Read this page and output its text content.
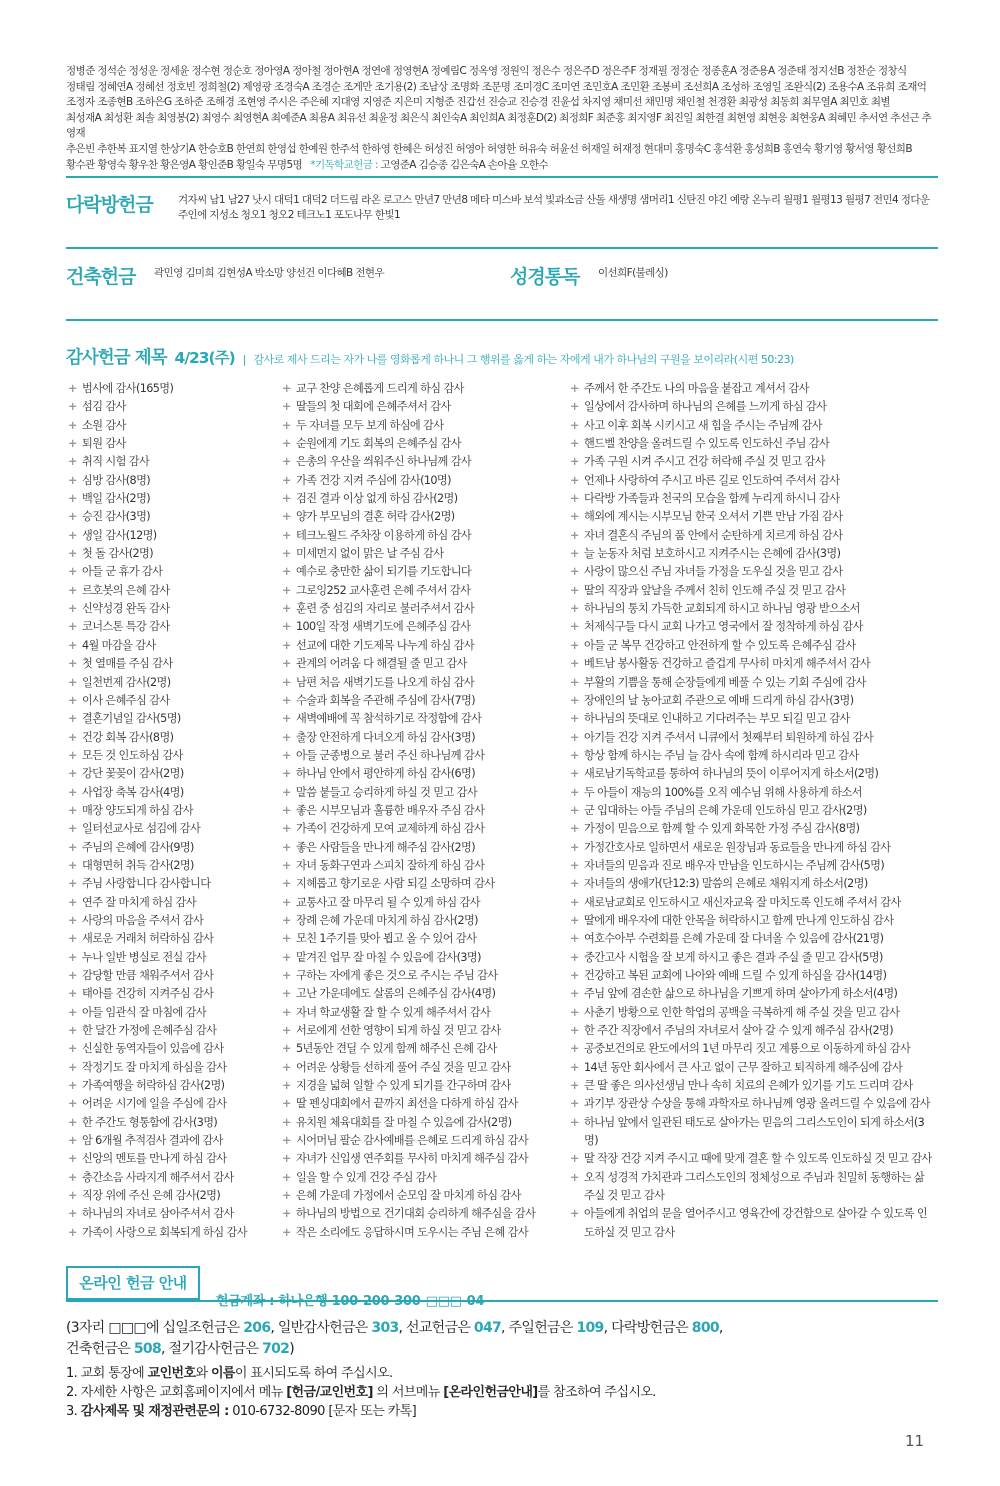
정병준 정석순 정성운 정세윤 정수현 정순호 정아영A 정아철 정아현A 정연애 정영현A 정예림C 정옥영 정원익 정은수 정은주D 정은주F 정재필 정정순 정종훈A 정준용A 정준태 정지선B 정찬순 정창식
정태림 정혜연A 정혜선 정호빈 정희철(2) 제영광 조경숙A 조경순 조게만 조기용(2) 조남상 조명화 조문명 조미경C 조미연 조민호A 조민환 조봉비 조선희A 조성하 조영일 조완식(2) 조용수A 조유희 조재억
조정자 조종현B 조하은G 조하준 조해경 조현영 주시은 주은혜 지대영 지영준 지은미 지형준 진갑선 진승교 진승경 진윤섭 차지영 채미선 채민명 채인철 천경환 최광성 최동희 최무열A 최민호 최별
최성재A 최성환 최솔 최영봉(2) 최영수 최영현A 최예준A 최용A 최유선 최윤정 최은식 최인숙A 최인희A 최정훈D(2) 최정희F 최준홍 최지영F 최진일 최한결 최현영 최현응 최현웅A 최혜민 추서연 추선근 추영재
추은빈 추한복 표지열 한상기A 한승호B 한연희 한영섭 한예원 한주석 한하영 한혜은 허성진 허영아 허영한 허유숙 허윤선 허재일 허재정 현대미 홍명숙C 홍석환 홍성희B 홍연숙 황기영 황서영 황선희B
황수관 황영숙 황우찬 황은영A 황인준B 황일숙 무명5명 *기독학교헌금 : 고영준A 김승종 김은숙A 손아율 오한수
다락방헌금 겨자씨 남1 남27 낫시 대덕1 대덕2 더드림 라온 로고스 만년7 만년8 메타 미스바 보석 빛과소금 산돌 새생명 샘머리1 신탄진 야긴 예랑 온누리 월평1 월평13 월평7 전민4 정다운 주인에 지성소 청오1 청오2 테크노1 포도나무 한빛1
건축헌금 곽민영 김미희 김현성A 박소망 양선건 이다혜B 전현우	성경통독 이선희F(불레싱)
감사헌금 제목 4/23(주) | 감사로 제사 드리는 자가 나를 영화롭게 하나니 그 행위를 옳게 하는 자에게 내가 하나님의 구원을 보이리라(시편 50:23)
+ 범사에 감사(165명)
+ 섬김 감사
+ 소원 감사
+ 퇴원 감사
+ 취직 시험 감사
+ 심방 감사(8명)
+ 백일 감사(2명)
+ 승진 감사(3명)
+ 생일 감사(12명)
+ 첫 돌 감사(2명)
+ 아들 군 휴가 감사
+ 르호봇의 은혜 감사
+ 신약성경 완독 감사
+ 코너스톤 특강 감사
+ 4월 마감을 감사
+ 첫 열매를 주심 감사
+ 일천번제 감사(2명)
+ 이사 은혜주심 감사
+ 결혼기념일 감사(5명)
+ 건강 회복 감사(8명)
+ 모든 것 인도하심 감사
+ 강단 꽃꽂이 감사(2명)
+ 사업장 축복 감사(4명)
+ 매장 양도되게 하심 감사
+ 일터선교사로 섬김에 감사
+ 주님의 은혜에 감사(9명)
+ 대형면허 취득 감사(2명)
+ 주님 사랑합니다 감사합니다
+ 연주 잘 마치게 하심 감사
+ 사랑의 마음을 주셔서 감사
+ 새로운 거래처 허락하심 감사
+ 누나 일반 병실로 전실 감사
+ 감당할 만큼 채워주셔서 감사
+ 태아를 건강히 지켜주심 감사
+ 아들 임관식 잘 마침에 감사
+ 한 달간 가정에 은혜주심 감사
+ 신실한 동역자들이 있음에 감사
+ 작정기도 잘 마치게 하심을 감사
+ 가족여행을 허락하심 감사(2명)
+ 어려운 시기에 일을 주심에 감사
+ 한 주간도 형통함에 감사(3명)
+ 암 6개월 추적검사 결과에 감사
+ 신앙의 멘토를 만나게 하심 감사
+ 층간소음 사라지게 해주셔서 감사
+ 직장 위에 주신 은혜 감사(2명)
+ 하나님의 자녀로 삼아주셔서 감사
+ 가족이 사랑으로 회복되게 하심 감사
+ 교구 찬양 은혜롭게 드리게 하심 감사
+ 딸들의 첫 대회에 은혜주셔서 감사
+ 두 자녀를 모두 보게 하심에 감사
+ 순원에게 기도 회복의 은혜주심 감사
+ 은총의 우산을 씌워주신 하나님께 감사
+ 가족 건강 지켜 주심에 감사(10명)
+ 검진 결과 이상 없게 하심 감사(2명)
+ 양가 부모님의 결혼 허락 감사(2명)
+ 테크노월드 주차장 이용하게 하심 감사
+ 미세먼지 없이 맑은 날 주심 감사
+ 예수로 충만한 삶이 되기를 기도합니다
+ 그로잉252 교사훈련 은혜 주셔서 감사
+ 훈련 중 섬김의 자리로 불러주셔서 감사
+ 100일 작정 새벽기도에 은혜주심 감사
+ 선교에 대한 기도제목 나누게 하심 감사
+ 관계의 어려움 다 해결될 줄 믿고 감사
+ 남편 처음 새벽기도를 나오게 하심 감사
+ 수술과 회복을 주관해 주심에 감사(7명)
+ 새벽예배에 꼭 참석하기로 작정함에 감사
+ 출장 안전하게 다녀오게 하심 감사(3명)
+ 아들 군종병으로 불러 주신 하나님께 감사
+ 하나님 안에서 평안하게 하심 감사(6명)
+ 말씀 붙들고 승리하게 하실 것 믿고 감사
+ 좋은 시부모님과 훌륭한 배우자 주심 감사
+ 가족이 건강하게 모여 교제하게 하심 감사
+ 좋은 사람들을 만나게 해주심 감사(2명)
+ 자녀 동화구연과 스피치 잘하게 하심 감사
+ 지혜롭고 향기로운 사람 되길 소망하며 감사
+ 교통사고 잘 마무리 될 수 있게 하심 감사
+ 장례 은혜 가운데 마치게 하심 감사(2명)
+ 모친 1주기를 맞아 뵙고 올 수 있어 감사
+ 맡겨진 업무 잘 마칠 수 있음에 감사(3명)
+ 구하는 자에게 좋은 것으로 주시는 주님 감사
+ 고난 가운데에도 살롬의 은혜주심 감사(4명)
+ 자녀 학교생활 잘 할 수 있게 해주셔서 감사
+ 서로에게 선한 영향이 되게 하실 것 믿고 감사
+ 5년동안 견딜 수 있게 함께 해주신 은혜 감사
+ 어려운 상황들 선하게 풀어 주실 것을 믿고 감사
+ 지경을 넓혀 일할 수 있게 되기를 간구하며 감사
+ 딸 펜싱대회에서 끝까지 최선을 다하게 하심 감사
+ 유치원 체육대회를 잘 마칠 수 있음에 감사(2명)
+ 시어머님 팔순 감사예배를 은혜로 드리게 하심 감사
+ 자녀가 신입생 연주회를 무사히 마치게 해주심 감사
+ 일을 할 수 있게 건강 주심 감사
+ 은혜 가운데 가정에서 순모임 잘 마치게 하심 감사
+ 하나님의 방법으로 건기대회 승리하게 해주심을 감사
+ 작은 소리에도 응답하시며 도우시는 주님 은혜 감사
+ 주께서 한 주간도 나의 마음을 붙잡고 계셔서 감사
+ 일상에서 감사하며 하나님의 은혜를 느끼게 하심 감사
+ 사고 이후 회복 시키시고 새 힘을 주시는 주님께 감사
+ 핸드벨 찬양을 올려드릴 수 있도록 인도하신 주님 감사
+ 가족 구원 시켜 주시고 건강 허락해 주실 것 믿고 감사
+ 언제나 사랑하여 주시고 바른 길로 인도하여 주셔서 감사
+ 다락방 가족들과 천국의 모습을 함께 누리게 하시니 감사
+ 해외에 계시는 시부모님 한국 오셔서 기쁜 만남 가짐 감사
+ 자녀 결혼식 주님의 품 안에서 순탄하게 치르게 하심 감사
+ 늘 눈동자 처럼 보호하시고 지켜주시는 은혜에 감사(3명)
+ 사랑이 많으신 주님 자녀들 가정을 도우실 것을 믿고 감사
+ 딸의 직장과 앞날을 주께서 친히 인도해 주실 것 믿고 감사
+ 하나님의 통치 가득한 교회되게 하시고 하나님 영광 받으소서
+ 처제식구들 다시 교회 나가고 영국에서 잘 정착하게 하심 감사
+ 아들 군 복무 건강하고 안전하게 할 수 있도록 은혜주심 감사
+ 베트남 봉사활동 건강하고 즐겁게 무사히 마치게 해주셔서 감사
+ 부활의 기쁨을 통해 순장들에게 베풀 수 있는 기회 주심에 감사
+ 장애인의 날 농아교회 주관으로 예배 드리게 하심 감사(3명)
+ 하나님의 뜻대로 인내하고 기다려주는 부모 되길 믿고 감사
+ 아기들 건강 지켜 주셔서 니큐에서 첫째부터 퇴원하게 하심 감사
+ 항상 함께 하시는 주님 늘 감사 속에 함께 하시리라 믿고 감사
+ 새로남기독학교를 통하여 하나님의 뜻이 이루어지게 하소서(2명)
+ 두 아들이 재능의 100%를 오직 예수님 위해 사용하게 하소서
+ 군 입대하는 아들 주님의 은혜 가운데 인도하심 믿고 감사(2명)
+ 가정이 믿음으로 함께 할 수 있게 화목한 가정 주심 감사(8명)
+ 가정간호사로 일하면서 새로운 원장님과 동료들을 만나게 하심 감사
+ 자녀들의 믿음과 진로 배우자 만남을 인도하시는 주님께 감사(5명)
+ 자녀들의 생애가(단12:3) 말씀의 은혜로 채워지게 하소서(2명)
+ 새로남교회로 인도하시고 새신자교육 잘 마치도록 인도해 주셔서 감사
+ 딸에게 배우자에 대한 안목을 허락하시고 함께 만나게 인도하심 감사
+ 여호수아부 수련회를 은혜 가운데 잘 다녀올 수 있음에 감사(21명)
+ 중간고사 시험을 잘 보게 하시고 좋은 결과 주실 줄 믿고 감사(5명)
+ 건강하고 복된 교회에 나아와 예배 드릴 수 있게 하심을 감사(14명)
+ 주님 앞에 겸손한 삶으로 하나님을 기쁘게 하며 살아가게 하소서(4명)
+ 사춘기 방황으로 인한 학업의 공백을 극복하게 해 주실 것을 믿고 감사
+ 한 주간 직장에서 주님의 자녀로서 살아 갈 수 있게 해주심 감사(2명)
+ 공중보건의로 완도에서의 1년 마무리 짓고 계룡으로 이동하게 하심 감사
+ 14년 동안 회사에서 큰 사고 없이 근무 잘하고 퇴직하게 해주심에 감사
+ 큰 딸 좋은 의사선생님 만나 속히 치료의 은혜가 있기를 기도 드리며 감사
+ 과기부 장관상 수상을 통해 과학자로 하나님께 영광 올려드릴 수 있음에 감사
+ 하나님 앞에서 일관된 태도로 살아가는 믿음의 그리스도인이 되게 하소서(3명)
+ 딸 작장 건강 지켜 주시고 때에 맞게 결혼 할 수 있도록 인도하실 것 믿고 감사
+ 오직 성경적 가치관과 그리스도인의 정체성으로 주님과 친밀히 동행하는 삶 주실 것 믿고 감사
+ 아들에게 취업의 문을 열어주시고 영육간에 강건함으로 살아갈 수 있도록 인도하실 것 믿고 감사
온라인 헌금 안내
헌금계좌 : 하나은행 100-200-300-□□□-04
(3자리 □□□에 십일조헌금은 206, 일반감사헌금은 303, 선교헌금은 047, 주일헌금은 109, 다락방헌금은 800,
건축헌금은 508, 절기감사헌금은 702)
1. 교회 통장에 교인번호와 이름이 표시되도록 하여 주십시오.
2. 자세한 사항은 교회홈페이지에서 메뉴 [헌금/교인번호] 의 서브메뉴 [온라인헌금안내]를 참조하여 주십시오.
3. 감사제목 및 재정관련문의 : 010-6732-8090 [문자 또는 카톡]
11
